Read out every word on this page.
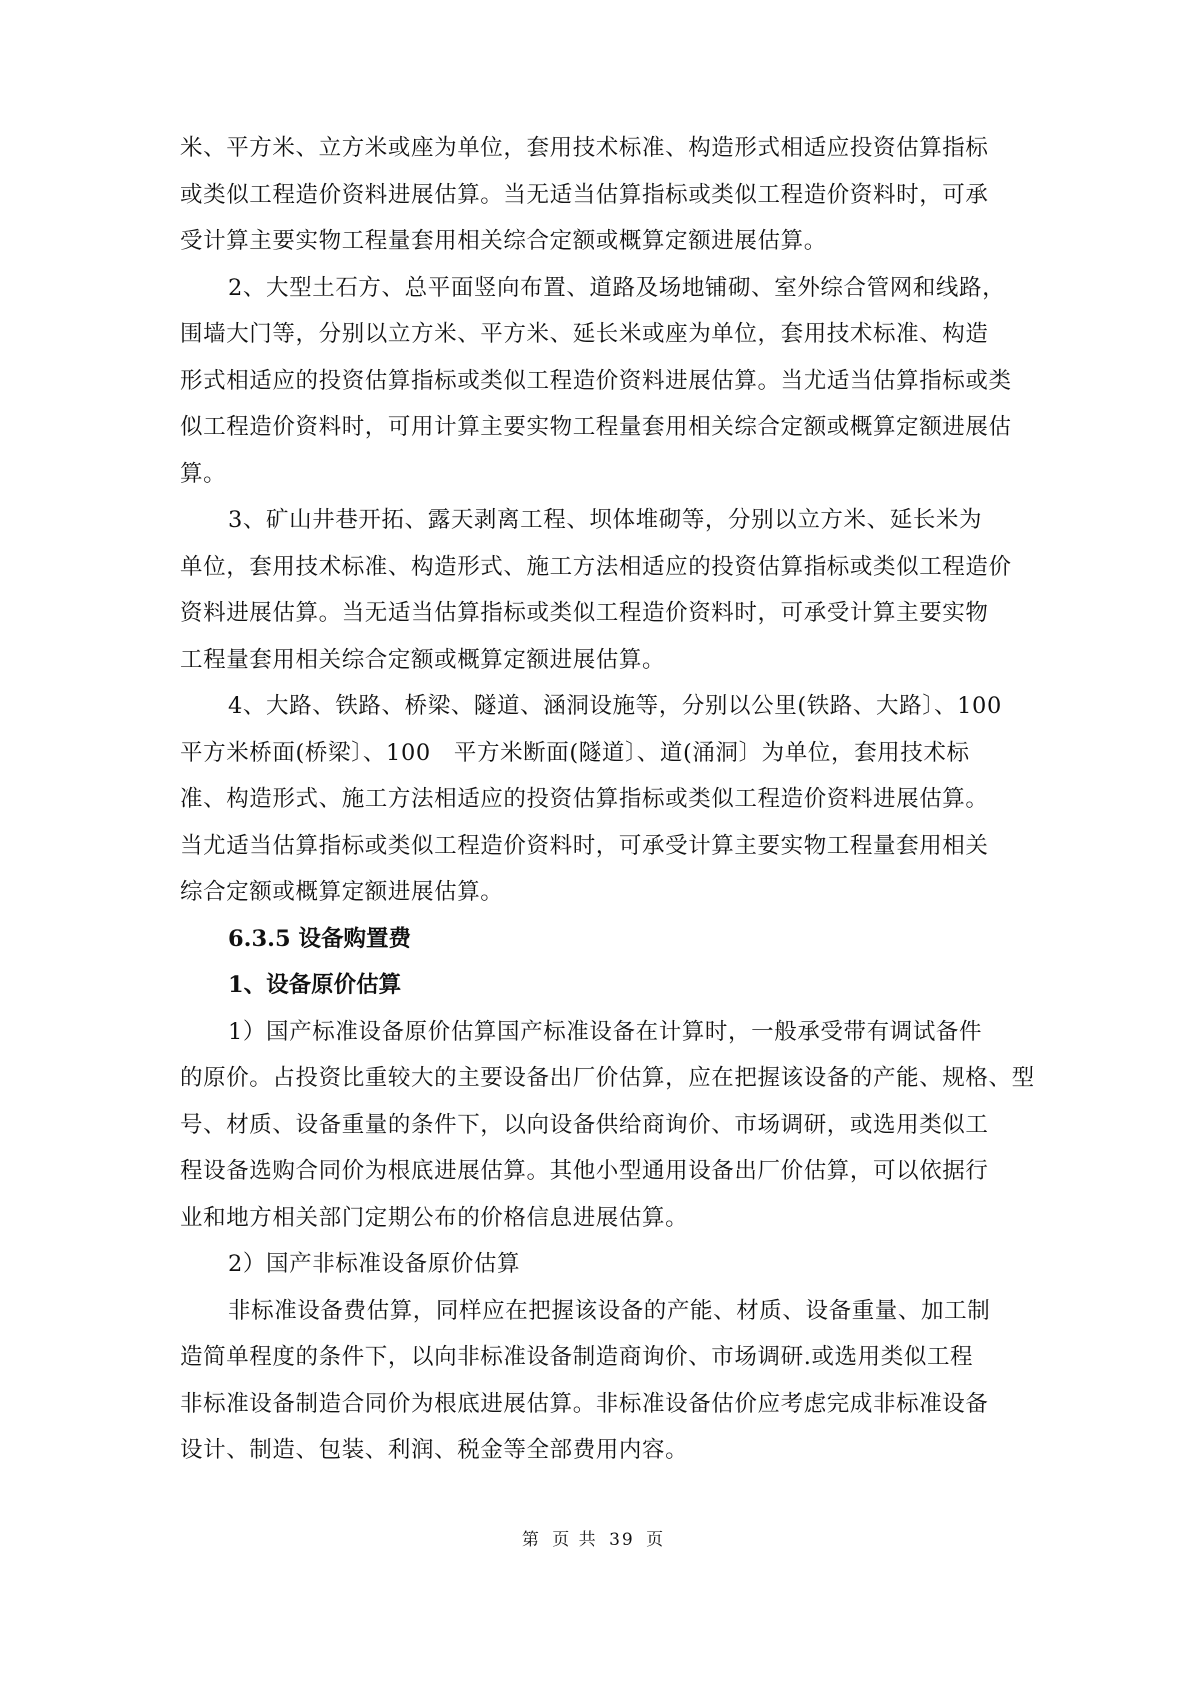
米、平方米、立方米或座为单位，套用技术标准、构造形式相适应投资估算指标
或类似工程造价资料进展估算。当无适当估算指标或类似工程造价资料时，可承
受计算主要实物工程量套用相关综合定额或概算定额进展估算。
2、大型土石方、总平面竖向布置、道路及场地铺砌、室外综合管网和线路，
围墙大门等，分别以立方米、平方米、延长米或座为单位，套用技术标准、构造
形式相适应的投资估算指标或类似工程造价资料进展估算。当尤适当估算指标或类
似工程造价资料时，可用计算主要实物工程量套用相关综合定额或概算定额进展估
算。
3、矿山井巷开拓、露天剥离工程、坝体堆砌等，分别以立方米、延长米为
单位，套用技术标准、构造形式、施工方法相适应的投资估算指标或类似工程造价
资料进展估算。当无适当估算指标或类似工程造价资料时，可承受计算主要实物
工程量套用相关综合定额或概算定额进展估算。
4、大路、铁路、桥梁、隧道、涵洞设施等，分别以公里(铁路、大路〕、100
平方米桥面(桥梁〕、100　平方米断面(隧道〕、道(涌洞〕为单位，套用技术标
准、构造形式、施工方法相适应的投资估算指标或类似工程造价资料进展估算。
当尤适当估算指标或类似工程造价资料时，可承受计算主要实物工程量套用相关
综合定额或概算定额进展估算。
6.3.5 设备购置费
1、设备原价估算
1）国产标准设备原价估算国产标准设备在计算时，一般承受带有调试备件
的原价。占投资比重较大的主要设备出厂价估算，应在把握该设备的产能、规格、型
号、材质、设备重量的条件下，以向设备供给商询价、市场调研，或选用类似工
程设备选购合同价为根底进展估算。其他小型通用设备出厂价估算，可以依据行
业和地方相关部门定期公布的价格信息进展估算。
2）国产非标准设备原价估算
非标准设备费估算，同样应在把握该设备的产能、材质、设备重量、加工制
造简单程度的条件下，以向非标准设备制造商询价、市场调研.或选用类似工程
非标准设备制造合同价为根底进展估算。非标准设备估价应考虑完成非标准设备
设计、制造、包装、利润、税金等全部费用内容。
第 页 共 39 页
